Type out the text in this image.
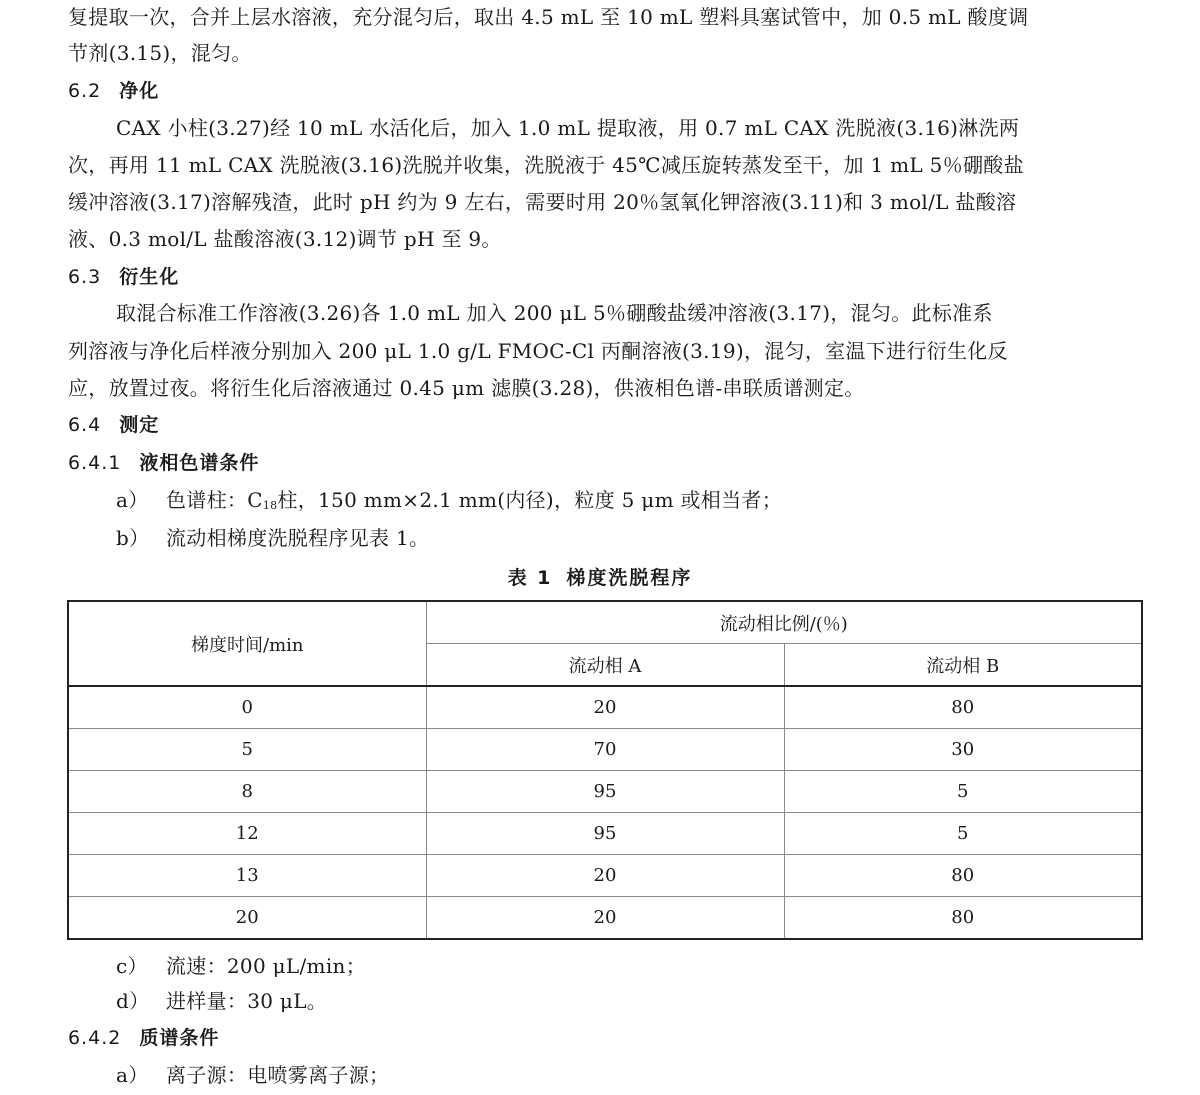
复提取一次，合并上层水溶液，充分混匀后，取出 4.5 mL 至 10 mL 塑料具塞试管中，加 0.5 mL 酸度调
节剂(3.15)，混匀。
6.2 净化
CAX 小柱(3.27)经 10 mL 水活化后，加入 1.0 mL 提取液，用 0.7 mL CAX 洗脱液(3.16)淋洗两
次，再用 11 mL CAX 洗脱液(3.16)洗脱并收集，洗脱液于 45℃减压旋转蒸发至干，加 1 mL 5％硼酸盐
缓冲溶液(3.17)溶解残渣，此时 pH 约为 9 左右，需要时用 20％氢氧化钾溶液(3.11)和 3 mol/L 盐酸溶
液、0.3 mol/L 盐酸溶液(3.12)调节 pH 至 9。
6.3 衍生化
取混合标准工作溶液(3.26)各 1.0 mL 加入 200 μL 5％硼酸盐缓冲溶液(3.17)，混匀。此标准系
列溶液与净化后样液分别加入 200 μL 1.0 g/L FMOC-Cl 丙酮溶液(3.19)，混匀，室温下进行衍生化反
应，放置过夜。将衍生化后溶液通过 0.45 μm 滤膜(3.28)，供液相色谱-串联质谱测定。
6.4 测定
6.4.1 液相色谱条件
a） 色谱柱：$C_{18}$柱，150 mm×2.1 mm(内径)，粒度 5 μm 或相当者；
b） 流动相梯度洗脱程序见表 1。
表 1 梯度洗脱程序
梯度时间/min	流动相比例/(％)	
	流动相 A	流动相 B
0	20	80
5	70	30
8	95	5
12	95	5
13	20	80
20	20	80
c） 流速：200 μL/min；
d） 进样量：30 μL。
6.4.2 质谱条件
a） 离子源：电喷雾离子源；
